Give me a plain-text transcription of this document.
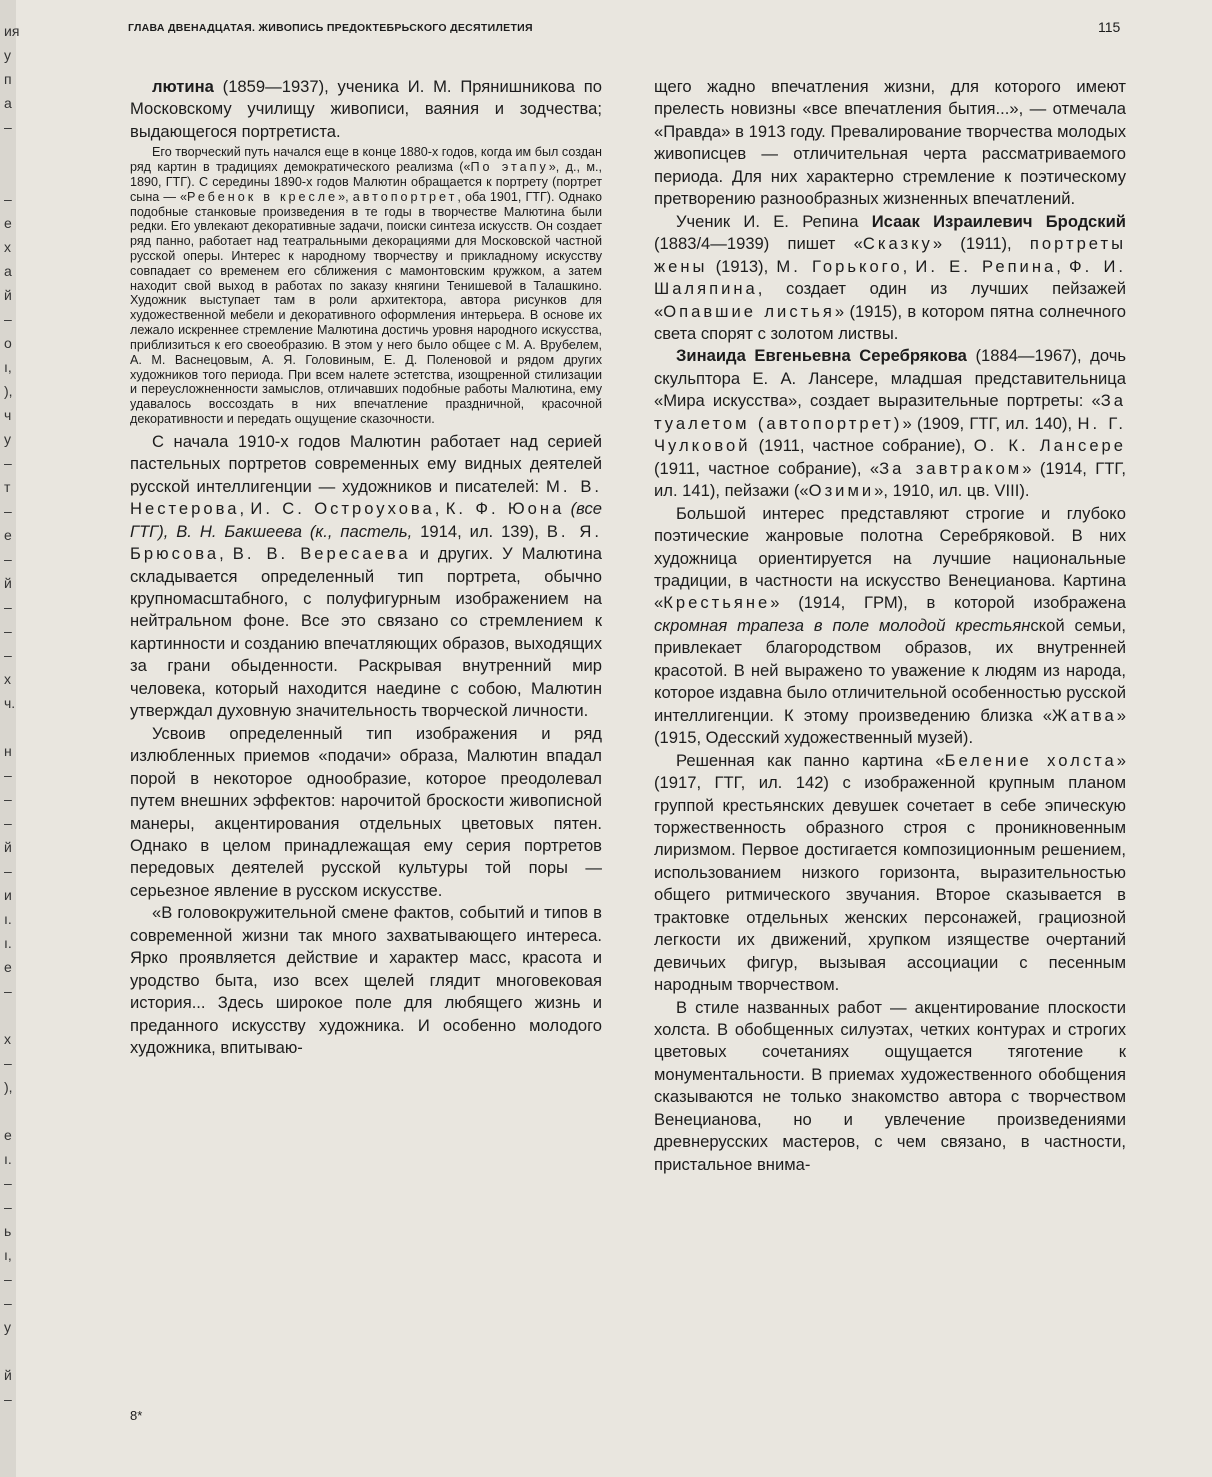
ия
у
п
а
–
–
е
х
а
й
–
о
ı,
),
ч
у
–
т
–
е
–
й
–
–
–
х
ч.
н
–
–
–
й
–
и
ı.
ı.
е
–
х
–
),
е
ı.
–
–
ь
ı,
–
–
у
й
–
ГЛАВА ДВЕНАДЦАТАЯ. ЖИВОПИСЬ ПРЕДОКТЕБРЬСКОГО ДЕСЯТИЛЕТИЯ	115

лютина (1859—1937), ученика И. М. Прянишникова по Московскому училищу живописи, ваяния и зодчества; выдающегося портретиста.

Его творческий путь начался еще в конце 1880-х годов, когда им был создан ряд картин в традициях демократического реализма («По этапу», д., м., 1890, ГТГ). С середины 1890-х годов Малютин обращается к портрету (портрет сына — «Ребенок в кресле», автопортрет, оба 1901, ГТГ). Однако подобные станковые произведения в те годы в творчестве Малютина были редки. Его увлекают декоративные задачи, поиски синтеза искусств. Он создает ряд панно, работает над театральными декорациями для Московской частной русской оперы. Интерес к народному творчеству и прикладному искусству совпадает со временем его сближения с мамонтовским кружком, а затем находит свой выход в работах по заказу княгини Тенишевой в Талашкино. Художник выступает там в роли архитектора, автора рисунков для художественной мебели и декоративного оформления интерьера. В основе их лежало искреннее стремление Малютина достичь уровня народного искусства, приблизиться к его своеобразию. В этом у него было общее с М. А. Врубелем, А. М. Васнецовым, А. Я. Головиным, Е. Д. Поленовой и рядом других художников того периода. При всем налете эстетства, изощренной стилизации и переусложненности замыслов, отличавших подобные работы Малютина, ему удавалось воссоздать в них впечатление праздничной, красочной декоративности и передать ощущение сказочности.

С начала 1910-х годов Малютин работает над серией пастельных портретов современных ему видных деятелей русской интеллигенции — художников и писателей: М. В. Нестерова, И. С. Остроухова, К. Ф. Юона (все ГТГ), В. Н. Бакшеева (к., пастель, 1914, ил. 139), В. Я. Брюсова, В. В. Вересаева и других. У Малютина складывается определенный тип портрета, обычно крупномасштабного, с полуфигурным изображением на нейтральном фоне. Все это связано со стремлением к картинности и созданию впечатляющих образов, выходящих за грани обыденности. Раскрывая внутренний мир человека, который находится наедине с собою, Малютин утверждал духовную значительность творческой личности.

Усвоив определенный тип изображения и ряд излюбленных приемов «подачи» образа, Малютин впадал порой в некоторое однообразие, которое преодолевал путем внешних эффектов: нарочитой броскости живописной манеры, акцентирования отдельных цветовых пятен. Однако в целом принадлежащая ему серия портретов передовых деятелей русской культуры той поры — серьезное явление в русском искусстве.

«В головокружительной смене фактов, событий и типов в современной жизни так много захватывающего интереса. Ярко проявляется действие и характер масс, красота и уродство быта, изо всех щелей глядит многовековая история... Здесь широкое поле для любящего жизнь и преданного искусству художника. И особенно молодого художника, впитываю-

щего жадно впечатления жизни, для которого имеют прелесть новизны «все впечатления бытия...», — отмечала «Правда» в 1913 году. Превалирование творчества молодых живописцев — отличительная черта рассматриваемого периода. Для них характерно стремление к поэтическому претворению разнообразных жизненных впечатлений.

Ученик И. Е. Репина Исаак Израилевич Бродский (1883/4—1939) пишет «Сказку» (1911), портреты жены (1913), М. Горького, И. Е. Репина, Ф. И. Шаляпина, создает один из лучших пейзажей «Опавшие листья» (1915), в котором пятна солнечного света спорят с золотом листвы.

Зинаида Евгеньевна Серебрякова (1884—1967), дочь скульптора Е. А. Лансере, младшая представительница «Мира искусства», создает выразительные портреты: «За туалетом (автопортрет)» (1909, ГТГ, ил. 140), Н. Г. Чулковой (1911, частное собрание), О. К. Лансере (1911, частное собрание), «За завтраком» (1914, ГТГ, ил. 141), пейзажи («Озими», 1910, ил. цв. VIII).

Большой интерес представляют строгие и глубоко поэтические жанровые полотна Серебряковой. В них художница ориентируется на лучшие национальные традиции, в частности на искусство Венецианова. Картина «Крестьяне» (1914, ГРМ), в которой изображена скромная трапеза в поле молодой крестьянской семьи, привлекает благородством образов, их внутренней красотой. В ней выражено то уважение к людям из народа, которое издавна было отличительной особенностью русской интеллигенции. К этому произведению близка «Жатва» (1915, Одесский художественный музей).

Решенная как панно картина «Беление холста» (1917, ГТГ, ил. 142) с изображенной крупным планом группой крестьянских девушек сочетает в себе эпическую торжественность образного строя с проникновенным лиризмом. Первое достигается композиционным решением, использованием низкого горизонта, выразительностью общего ритмического звучания. Второе сказывается в трактовке отдельных женских персонажей, грациозной легкости их движений, хрупком изяществе очертаний девичьих фигур, вызывая ассоциации с песенным народным творчеством.

В стиле названных работ — акцентирование плоскости холста. В обобщенных силуэтах, четких контурах и строгих цветовых сочетаниях ощущается тяготение к монументальности. В приемах художественного обобщения сказываются не только знакомство автора с творчеством Венецианова, но и увлечение произведениями древнерусских мастеров, с чем связано, в частности, пристальное внима-

8*
